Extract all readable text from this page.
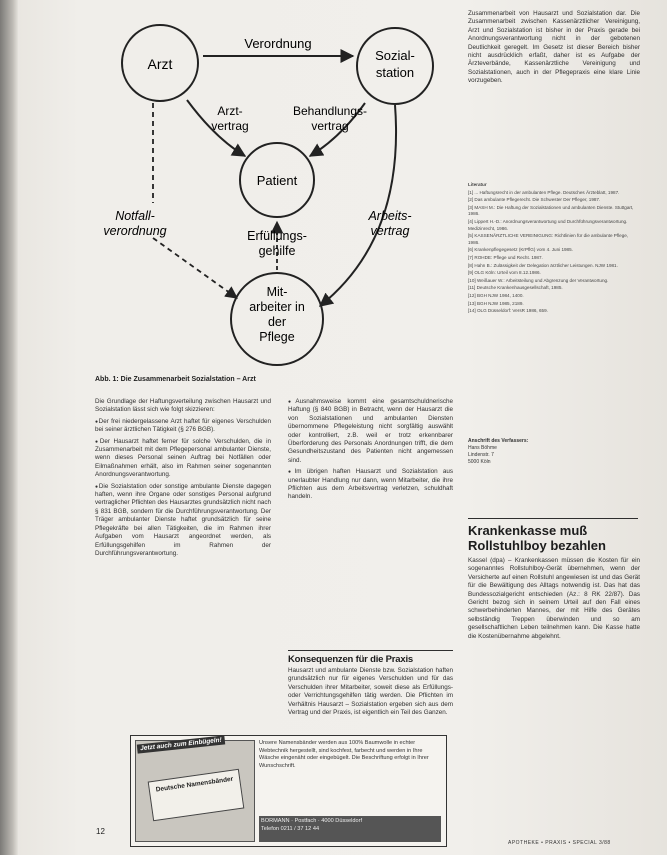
Arzt
Sozial-
station
Patient
Mit-
arbeiter in
der
Pflege
Verordnung
Arzt-
vertrag
Behandlungs-
vertrag
Notfall-
verordnung	Erfüllungs-
gehilfe
Arbeits-
vertrag
Abb. 1: Die Zusammenarbeit Sozialstation – Arzt

Die Grundlage der Haftungsverteilung zwischen Hausarzt und Sozialstation lässt sich wie folgt skizzieren:

● Der frei niedergelassene Arzt haftet für eigenes Verschulden bei seiner ärztlichen Tätigkeit (§ 276 BGB).

● Der Hausarzt haftet ferner für solche Verschulden, die in Zusammenarbeit mit dem Pflegepersonal ambulanter Dienste, wenn dieses Personal seinen Auftrag bei Notfällen oder Eilmaßnahmen erhält, also im Rahmen seiner sogenannten Anordnungsverantwortung.

● Die Sozialstation oder sonstige ambulante Dienste dagegen haften, wenn ihre Organe oder sonstiges Personal aufgrund vertraglicher Pflichten des Hausarztes grundsätzlich nicht nach § 831 BGB, sondern für die Durchführungsverantwortung. Der Träger ambulanter Dienste haftet grundsätzlich für seine Pflegekräfte bei allen Tätigkeiten, die im Rahmen ihrer Aufgaben vom Hausarzt angeordnet werden, als Erfüllungsgehilfen im Rahmen der Durchführungsverantwortung.

● Ausnahmsweise kommt eine gesamtschuldnerische Haftung (§ 840 BGB) in Betracht, wenn der Hausarzt die von Sozialstationen und ambulanten Diensten übernommene Pflegeleistung nicht sorgfältig auswählt oder kontrolliert, z.B. weil er trotz erkennbarer Überforderung des Personals Anordnungen trifft, die dem Gesundheitszustand des Patienten nicht angemessen sind.

● Im übrigen haften Hausarzt und Sozialstation aus unerlaubter Handlung nur dann, wenn Mitarbeiter, die ihre Pflichten aus dem Arbeitsvertrag verletzen, schuldhaft handeln.

Konsequenzen für die Praxis

Hausarzt und ambulante Dienste bzw. Sozialstation haften grundsätzlich nur für eigenes Verschulden und für das Verschulden ihrer Mitarbeiter, soweit diese als Erfüllungs- oder Verrichtungsgehilfen tätig werden. Die Pflichten im Verhältnis Hausarzt – Sozialstation ergeben sich aus dem Vertrag und der Praxis, ist eigentlich ein Teil des Ganzen.

Zusammenarbeit von Hausarzt und Sozialstation dar. Die Zusammenarbeit zwischen Kassenärztlicher Vereinigung, Arzt und Sozialstation ist bisher in der Praxis gerade bei Anordnungsverantwortung nicht in der gebotenen Deutlichkeit geregelt. Im Gesetz ist dieser Bereich bisher nicht ausdrücklich erfaßt, daher ist es Aufgabe der Ärzteverbände, Kassenärztliche Vereinigung und Sozialstationen, auch in der Pflegepraxis eine klare Linie vorzugeben.

Literatur
[1] ... Haftungsrecht in der ambulanten Pflege. Deutsches Ärzteblatt, 1987.
[2] Das ambulante Pflegerecht. Die Schwester Der Pfleger, 1987.
[3] MASH M.: Die Haftung der Sozialstationen und ambulanten Dienste. Stuttgart, 1986.
[4] Lippert H.-D.: Anordnungsverantwortung und Durchführungsverantwortung. Medizinrecht, 1986.
[5] KASSENÄRZTLICHE VEREINIGUNG: Richtlinien für die ambulante Pflege, 1986.
[6] Krankenpflegegesetz (KrPflG) vom 4. Juni 1985.
[7] ROHDE: Pflege und Recht. 1987.
[8] Hahn B.: Zulässigkeit der Delegation ärztlicher Leistungen. NJW 1981.
[9] OLG Köln: Urteil vom 8.12.1986.
[10] Weißauer W.: Arbeitsteilung und Abgrenzung der Verantwortung.
[11] Deutsche Krankenhausgesellschaft, 1985.
[12] BGH NJW 1984, 1400.
[13] BGH NJW 1985, 2189.
[14] OLG Düsseldorf: VersR 1986, 659.
Anschrift des Verfassers:
Hans Böhme
Lindenstr. 7
5000 Köln
Krankenkasse muß Rollstuhlboy bezahlen

Kassel (dpa) – Krankenkassen müssen die Kosten für ein sogenanntes Rollstuhlboy-Gerät übernehmen, wenn der Versicherte auf einen Rollstuhl angewiesen ist und das Gerät für die Bewältigung des Alltags notwendig ist. Das hat das Bundessozialgericht entschieden (Az.: 8 RK 22/87). Das Gericht bezog sich in seinem Urteil auf den Fall eines schwerbehinderten Mannes, der mit Hilfe des Gerätes selbständig Treppen überwinden und so am gesellschaftlichen Leben teilnehmen kann. Die Kasse hatte die Kostenübernahme abgelehnt.

Deutsche Namensbänder
Jetzt auch zum Einbügeln!	Unsere Namensbänder werden aus 100% Baumwolle in echter Webtechnik hergestellt, sind kochfest, farbecht und werden in Ihre Wäsche eingenäht oder eingebügelt. Die Beschriftung erfolgt in Ihrer Wunschschrift.
BORMANN · Postfach · 4000 Düsseldorf
Telefon 0211 / 37 12 44
12
APOTHEKE • PRAXIS • SPECIAL 3/88
